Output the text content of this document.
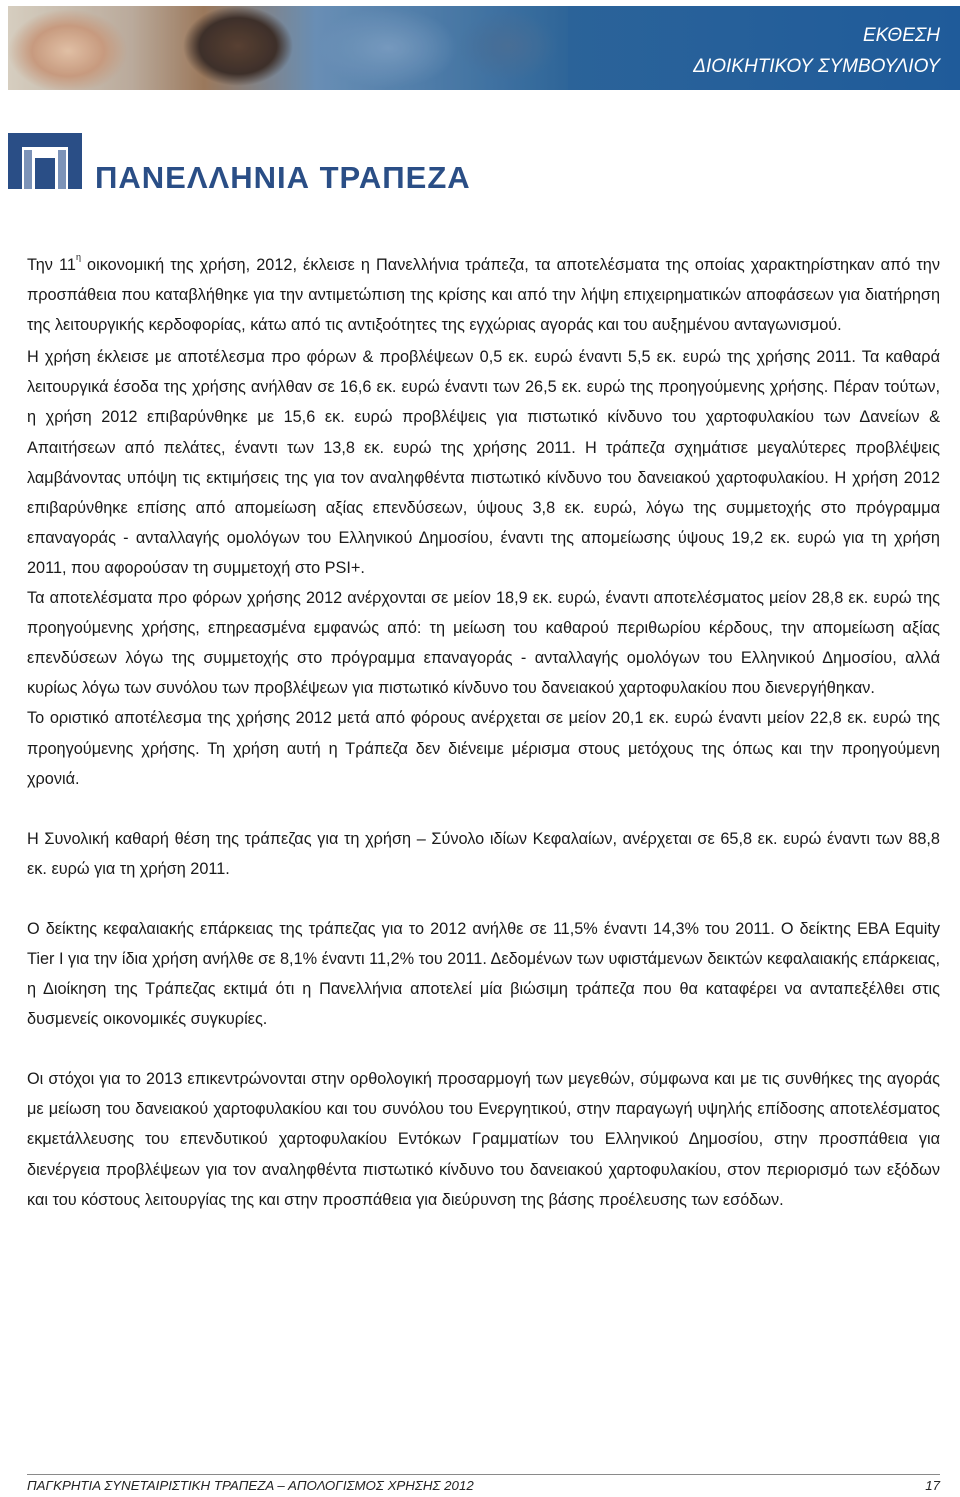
ΕΚΘΕΣΗ
ΔΙΟΙΚΗΤΙΚΟΥ ΣΥΜΒΟΥΛΙΟΥ
ΠΑΝΕΛΛΗΝΙΑ ΤΡΑΠΕΖΑ

Την $11^\eta$ οικονομική της χρήση, 2012, έκλεισε η Πανελλήνια τράπεζα, τα αποτελέσματα της οποίας χαρακτηρίστηκαν από την προσπάθεια που καταβλήθηκε για την αντιμετώπιση της κρίσης και από την λήψη επιχειρηματικών αποφάσεων για διατήρηση της λειτουργικής κερδοφορίας, κάτω από τις αντιξοότητες της εγχώριας αγοράς και του αυξημένου ανταγωνισμού.

Η χρήση έκλεισε με αποτέλεσμα προ φόρων & προβλέψεων 0,5 εκ. ευρώ έναντι 5,5 εκ. ευρώ της χρήσης 2011. Τα καθαρά λειτουργικά έσοδα της χρήσης ανήλθαν σε 16,6 εκ. ευρώ έναντι των 26,5 εκ. ευρώ της προηγούμενης χρήσης. Πέραν τούτων, η χρήση 2012 επιβαρύνθηκε με 15,6 εκ. ευρώ προβλέψεις για πιστωτικό κίνδυνο του χαρτοφυλακίου των Δανείων & Απαιτήσεων από πελάτες, έναντι των 13,8 εκ. ευρώ της χρήσης 2011. Η τράπεζα σχημάτισε μεγαλύτερες προβλέψεις λαμβάνοντας υπόψη τις εκτιμήσεις της για τον αναληφθέντα πιστωτικό κίνδυνο του δανειακού χαρτοφυλακίου. Η χρήση 2012 επιβαρύνθηκε επίσης από απομείωση αξίας επενδύσεων, ύψους 3,8 εκ. ευρώ, λόγω της συμμετοχής στο πρόγραμμα επαναγοράς - ανταλλαγής ομολόγων του Ελληνικού Δημοσίου, έναντι της απομείωσης ύψους 19,2 εκ. ευρώ για τη χρήση 2011, που αφορούσαν τη συμμετοχή στο PSI+.

Τα αποτελέσματα προ φόρων χρήσης 2012 ανέρχονται σε μείον 18,9 εκ. ευρώ, έναντι αποτελέσματος μείον 28,8 εκ. ευρώ της προηγούμενης χρήσης, επηρεασμένα εμφανώς από: τη μείωση του καθαρού περιθωρίου κέρδους, την απομείωση αξίας επενδύσεων λόγω της συμμετοχής στο πρόγραμμα επαναγοράς - ανταλλαγής ομολόγων του Ελληνικού Δημοσίου, αλλά κυρίως λόγω των συνόλου των προβλέψεων για πιστωτικό κίνδυνο του δανειακού χαρτοφυλακίου που διενεργήθηκαν.

Το οριστικό αποτέλεσμα της χρήσης 2012 μετά από φόρους ανέρχεται σε μείον 20,1 εκ. ευρώ έναντι μείον 22,8 εκ. ευρώ της προηγούμενης χρήσης. Τη χρήση αυτή η Τράπεζα δεν διένειμε μέρισμα στους μετόχους της όπως και την προηγούμενη χρονιά.

Η Συνολική καθαρή θέση της τράπεζας για τη χρήση – Σύνολο ιδίων Κεφαλαίων, ανέρχεται σε 65,8 εκ. ευρώ έναντι των 88,8 εκ. ευρώ για τη χρήση 2011.

Ο δείκτης κεφαλαιακής επάρκειας της τράπεζας για το 2012 ανήλθε σε 11,5% έναντι 14,3% του 2011. Ο δείκτης ΕΒΑ Equity Tier I για την ίδια χρήση ανήλθε σε 8,1% έναντι 11,2% του 2011. Δεδομένων των υφιστάμενων δεικτών κεφαλαιακής επάρκειας, η Διοίκηση της Τράπεζας εκτιμά ότι η Πανελλήνια αποτελεί μία βιώσιμη τράπεζα που θα καταφέρει να ανταπεξέλθει στις δυσμενείς οικονομικές συγκυρίες.

Οι στόχοι για το 2013 επικεντρώνονται στην ορθολογική προσαρμογή των μεγεθών, σύμφωνα και με τις συνθήκες της αγοράς με μείωση του δανειακού χαρτοφυλακίου και του συνόλου του Ενεργητικού, στην παραγωγή υψηλής επίδοσης αποτελέσματος εκμετάλλευσης του επενδυτικού χαρτοφυλακίου Εντόκων Γραμματίων του Ελληνικού Δημοσίου, στην προσπάθεια για διενέργεια προβλέψεων για τον αναληφθέντα πιστωτικό κίνδυνο του δανειακού χαρτοφυλακίου, στον περιορισμό των εξόδων και του κόστους λειτουργίας της και στην προσπάθεια για διεύρυνση της βάσης προέλευσης των εσόδων.

ΠΑΓΚΡΗΤΙΑ ΣΥΝΕΤΑΙΡΙΣΤΙΚΗ ΤΡΑΠΕΖΑ – ΑΠΟΛΟΓΙΣΜΟΣ ΧΡΗΣΗΣ 2012	17
